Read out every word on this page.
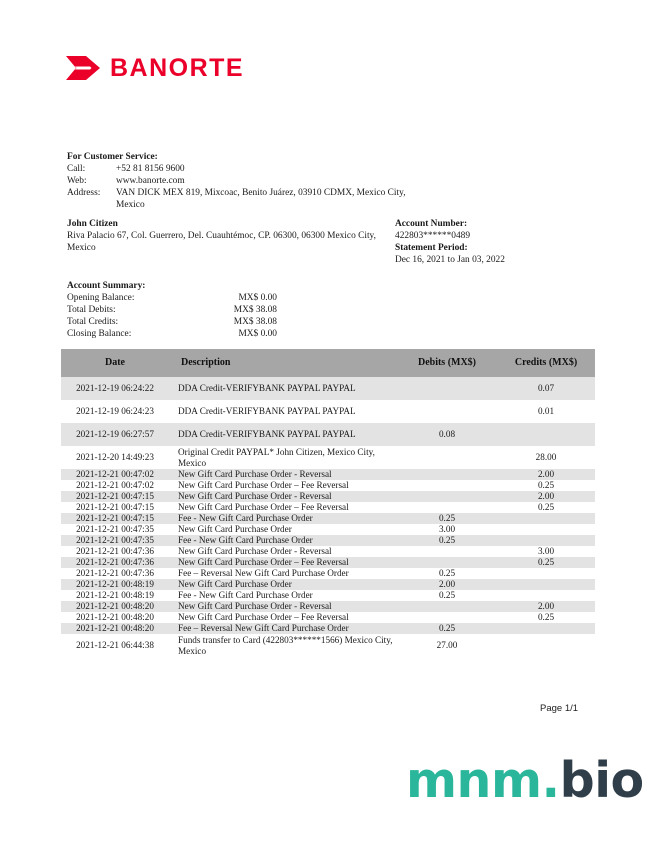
BANORTE
For Customer Service:
Call:	+52 81 8156 9600
Web:	www.banorte.com
Address:	VAN DICK MEX 819, Mixcoac, Benito Juárez, 03910 CDMX, Mexico City, Mexico
John Citizen
Riva Palacio 67, Col. Guerrero, Del. Cuauhtémoc, CP. 06300, 06300 Mexico City, Mexico
Account Number:
422803******0489
Statement Period:
Dec 16, 2021 to Jan 03, 2022
Account Summary:
Opening Balance:	MX$ 0.00
Total Debits:	MX$ 38.08
Total Credits:	MX$ 38.08
Closing Balance:	MX$ 0.00
Date	Description	Debits (MX$)	Credits (MX$)
2021-12-19 06:24:22	DDA Credit-VERIFYBANK PAYPAL PAYPAL		0.07
2021-12-19 06:24:23	DDA Credit-VERIFYBANK PAYPAL PAYPAL		0.01
2021-12-19 06:27:57	DDA Credit-VERIFYBANK PAYPAL PAYPAL	0.08	
2021-12-20 14:49:23	Original Credit PAYPAL* John Citizen, Mexico City, Mexico		28.00
2021-12-21 00:47:02	New Gift Card Purchase Order - Reversal		2.00
2021-12-21 00:47:02	New Gift Card Purchase Order – Fee Reversal		0.25
2021-12-21 00:47:15	New Gift Card Purchase Order - Reversal		2.00
2021-12-21 00:47:15	New Gift Card Purchase Order – Fee Reversal		0.25
2021-12-21 00:47:15	Fee - New Gift Card Purchase Order	0.25	
2021-12-21 00:47:35	New Gift Card Purchase Order	3.00	
2021-12-21 00:47:35	Fee - New Gift Card Purchase Order	0.25	
2021-12-21 00:47:36	New Gift Card Purchase Order - Reversal		3.00
2021-12-21 00:47:36	New Gift Card Purchase Order – Fee Reversal		0.25
2021-12-21 00:47:36	Fee – Reversal New Gift Card Purchase Order	0.25	
2021-12-21 00:48:19	New Gift Card Purchase Order	2.00	
2021-12-21 00:48:19	Fee - New Gift Card Purchase Order	0.25	
2021-12-21 00:48:20	New Gift Card Purchase Order - Reversal		2.00
2021-12-21 00:48:20	New Gift Card Purchase Order – Fee Reversal		0.25
2021-12-21 00:48:20	Fee – Reversal New Gift Card Purchase Order	0.25	
2021-12-21 06:44:38	Funds transfer to Card (422803******1566) Mexico City, Mexico	27.00	
Page 1/1
mnm.bio
